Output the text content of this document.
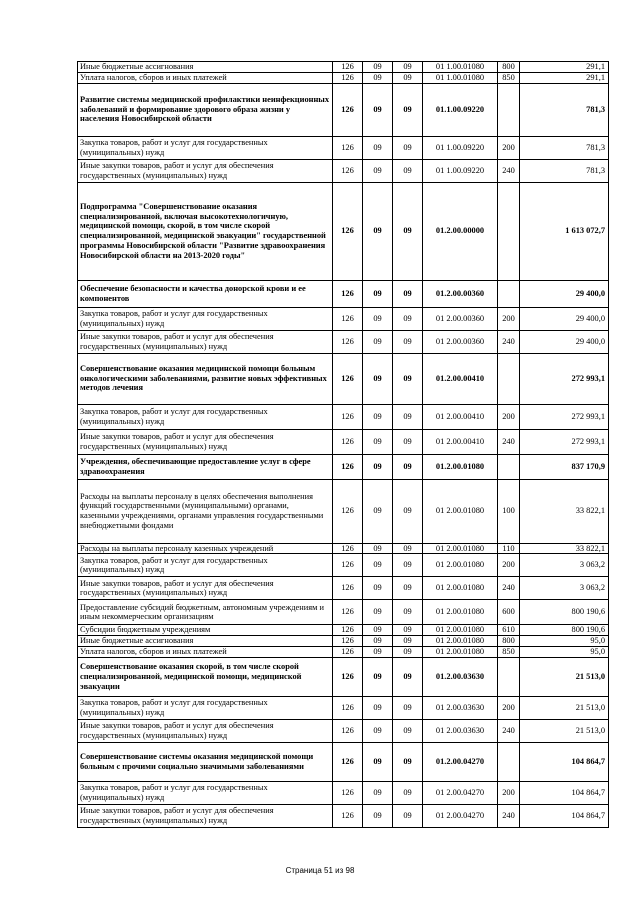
Иные бюджетные ассигнования	126	09	09	01 1.00.01080	800	291,1
Уплата налогов, сборов и иных платежей	126	09	09	01 1.00.01080	850	291,1
Развитие системы медицинской профилактики неинфекционных заболеваний и формирование здорового образа жизни у населения Новосибирской области	126	09	09	01.1.00.09220		781,3
Закупка товаров, работ и услуг для государственных (муниципальных) нужд	126	09	09	01 1.00.09220	200	781,3
Иные закупки товаров, работ и услуг для обеспечения государственных (муниципальных) нужд	126	09	09	01 1.00.09220	240	781,3
Подпрограмма "Совершенствование оказания специализированной, включая высокотехнологичную, медицинской помощи, скорой, в том числе скорой специализированной, медицинской эвакуации" государственной программы Новосибирской области "Развитие здравоохранения Новосибирской области на 2013-2020 годы"	126	09	09	01.2.00.00000		1 613 072,7
Обеспечение безопасности и качества донорской крови и ее компонентов	126	09	09	01.2.00.00360		29 400,0
Закупка товаров, работ и услуг для государственных (муниципальных) нужд	126	09	09	01 2.00.00360	200	29 400,0
Иные закупки товаров, работ и услуг для обеспечения государственных (муниципальных) нужд	126	09	09	01 2.00.00360	240	29 400,0
Совершенствование оказания медицинской помощи больным онкологическими заболеваниями, развитие новых эффективных методов лечения	126	09	09	01.2.00.00410		272 993,1
Закупка товаров, работ и услуг для государственных (муниципальных) нужд	126	09	09	01 2.00.00410	200	272 993,1
Иные закупки товаров, работ и услуг для обеспечения государственных (муниципальных) нужд	126	09	09	01 2.00.00410	240	272 993,1
Учреждения, обеспечивающие предоставление услуг в сфере здравоохранения	126	09	09	01.2.00.01080		837 170,9
Расходы на выплаты персоналу в целях обеспечения выполнения функций государственными (муниципальными) органами, казенными учреждениями, органами управления государственными внебюджетными фондами	126	09	09	01 2.00.01080	100	33 822,1
Расходы на выплаты персоналу казенных учреждений	126	09	09	01 2.00.01080	110	33 822,1
Закупка товаров, работ и услуг для государственных (муниципальных) нужд	126	09	09	01 2.00.01080	200	3 063,2
Иные закупки товаров, работ и услуг для обеспечения государственных (муниципальных) нужд	126	09	09	01 2.00.01080	240	3 063,2
Предоставление субсидий бюджетным, автономным учреждениям и иным некоммерческим организациям	126	09	09	01 2.00.01080	600	800 190,6
Субсидии бюджетным учреждениям	126	09	09	01 2.00.01080	610	800 190,6
Иные бюджетные ассигнования	126	09	09	01 2.00.01080	800	95,0
Уплата налогов, сборов и иных платежей	126	09	09	01 2.00.01080	850	95,0
Совершенствование оказания скорой, в том числе скорой специализированной, медицинской помощи, медицинской эвакуации	126	09	09	01.2.00.03630		21 513,0
Закупка товаров, работ и услуг для государственных (муниципальных) нужд	126	09	09	01 2.00.03630	200	21 513,0
Иные закупки товаров, работ и услуг для обеспечения государственных (муниципальных) нужд	126	09	09	01 2.00.03630	240	21 513,0
Совершенствование системы оказания медицинской помощи больным с прочими социально значимыми заболеваниями	126	09	09	01.2.00.04270		104 864,7
Закупка товаров, работ и услуг для государственных (муниципальных) нужд	126	09	09	01 2.00.04270	200	104 864,7
Иные закупки товаров, работ и услуг для обеспечения государственных (муниципальных) нужд	126	09	09	01 2.00.04270	240	104 864,7
Страница 51 из 98
